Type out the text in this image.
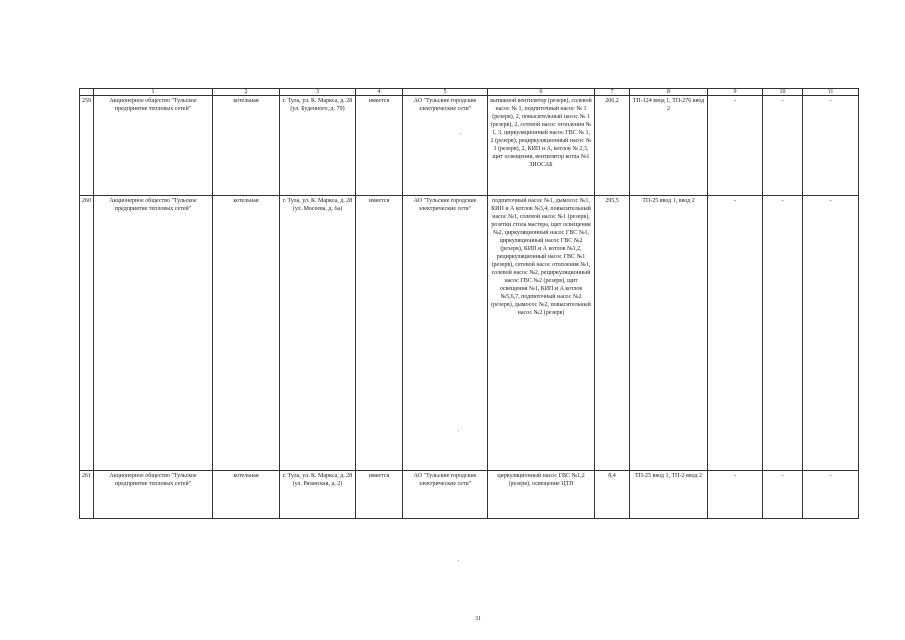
	1	2	3	4	5	6	7	8	9	10	11
259	Акционерное общество "Тульское предприятие тепловых сетей"	котельная	г. Тула, ул. К. Маркса, д. 28 (ул. Буденного, д. 79)	имеется	АО "Тульские городские электрические сети"	вытяжной вентилятор (резерв), солевой насос № 1, подпиточный насос № 1 (резерв), 2, повысительный насос № 1 (резерв), 2, сетевой насос отопления № 1, 3, циркуляционный насос ГВС № 1, 2 (резерв), рециркуляционный насос № 1 (резерв), 2, КИП и А, котлов № 2,3, щит освещения, вентилятор котла №1 ЗИОСАБ	206,2	ТП-124 ввод 1, ТП-276 ввод 2	-	-	-
260	Акционерное общество "Тульское предприятие тепловых сетей"	котельная	г. Тула, ул. К. Маркса, д. 28 (ул. Мосеева, д. 6а)	имеется	АО "Тульские городские электрические сети"	подпиточный насос №1, дымосос №1, КИП и А котлов №3,4, повысительный насос №1, солевой насос №1 (резерв), розетки стола мастера, щит освещения №2, циркуляционный насос ГВС №1, циркуляционный насос ГВС №2 (резерв), КИП и А котлов №1,2, рециркуляционный насос ГВС №1 (резерв), сетевой насос отопления №1, солевой насос №2, рециркуляционный насос ГВС №2 (резерв), щит освещения №1, КИП и А котлов №5,6,7, подпиточный насос №2 (резерв), дымосос №2, повысительный насос №2 (резерв)	295,5	ТП-25 ввод 1, ввод 2	-	-	-
261	Акционерное общество "Тульское предприятие тепловых сетей"	котельная	г. Тула, ул. К. Маркса, д. 28 (ул. Рязанская, д. 2)	имеется	АО "Тульские городские электрические сети"	циркуляционный насос ГВС №1,2 (резерв), освещение ЦТП	8,4	ТП-25 ввод 1, ТП-2 ввод 2	-	-	-
31
